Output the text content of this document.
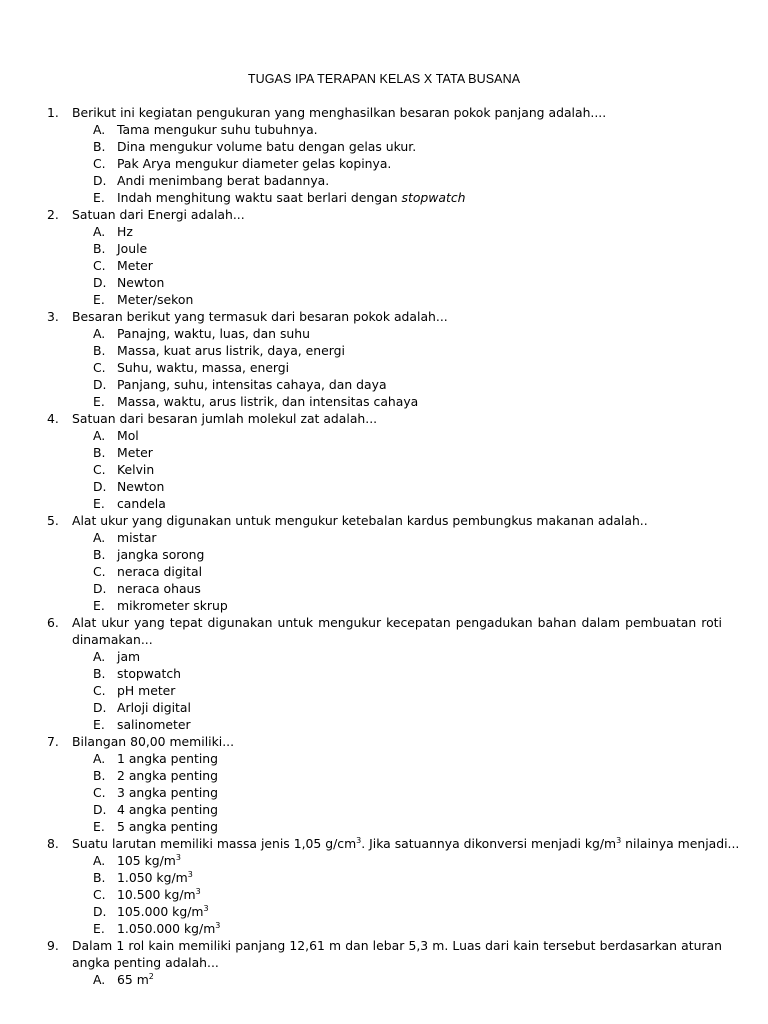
TUGAS IPA TERAPAN KELAS X TATA BUSANA
1.	Berikut ini kegiatan pengukuran yang menghasilkan besaran pokok panjang adalah....
A. Tama mengukur suhu tubuhnya.
B. Dina mengukur volume batu dengan gelas ukur.
C. Pak Arya mengukur diameter gelas kopinya.
D. Andi menimbang berat badannya.
E. Indah menghitung waktu saat berlari dengan stopwatch
2.	Satuan dari Energi adalah...
A. Hz
B. Joule
C. Meter
D. Newton
E. Meter/sekon
3.	Besaran berikut yang termasuk dari besaran pokok adalah...
A. Panajng, waktu, luas, dan suhu
B. Massa, kuat arus listrik, daya, energi
C. Suhu, waktu, massa, energi
D. Panjang, suhu, intensitas cahaya, dan daya
E. Massa, waktu, arus listrik, dan intensitas cahaya
4.	Satuan dari besaran jumlah molekul zat adalah...
A. Mol
B. Meter
C. Kelvin
D. Newton
E. candela
5.	Alat ukur yang digunakan untuk mengukur ketebalan kardus pembungkus makanan adalah..
A. mistar
B. jangka sorong
C. neraca digital
D. neraca ohaus
E. mikrometer skrup
6.	Alat ukur yang tepat digunakan untuk mengukur kecepatan pengadukan bahan dalam pembuatan roti dinamakan...
A. jam
B. stopwatch
C. pH meter
D. Arloji digital
E. salinometer
7.	Bilangan 80,00 memiliki...
A. 1 angka penting
B. 2 angka penting
C. 3 angka penting
D. 4 angka penting
E. 5 angka penting
8.	Suatu larutan memiliki massa jenis 1,05 $g/cm^3$. Jika satuannya dikonversi menjadi $kg/m^3$ nilainya menjadi...
A. 105 $kg/m^3$
B. 1.050 $kg/m^3$
C. 10.500 $kg/m^3$
D. 105.000 $kg/m^3$
E. 1.050.000 $kg/m^3$
9.	Dalam 1 rol kain memiliki panjang 12,61 m dan lebar 5,3 m. Luas dari kain tersebut berdasarkan aturan angka penting adalah...
A. 65 $m^2$
